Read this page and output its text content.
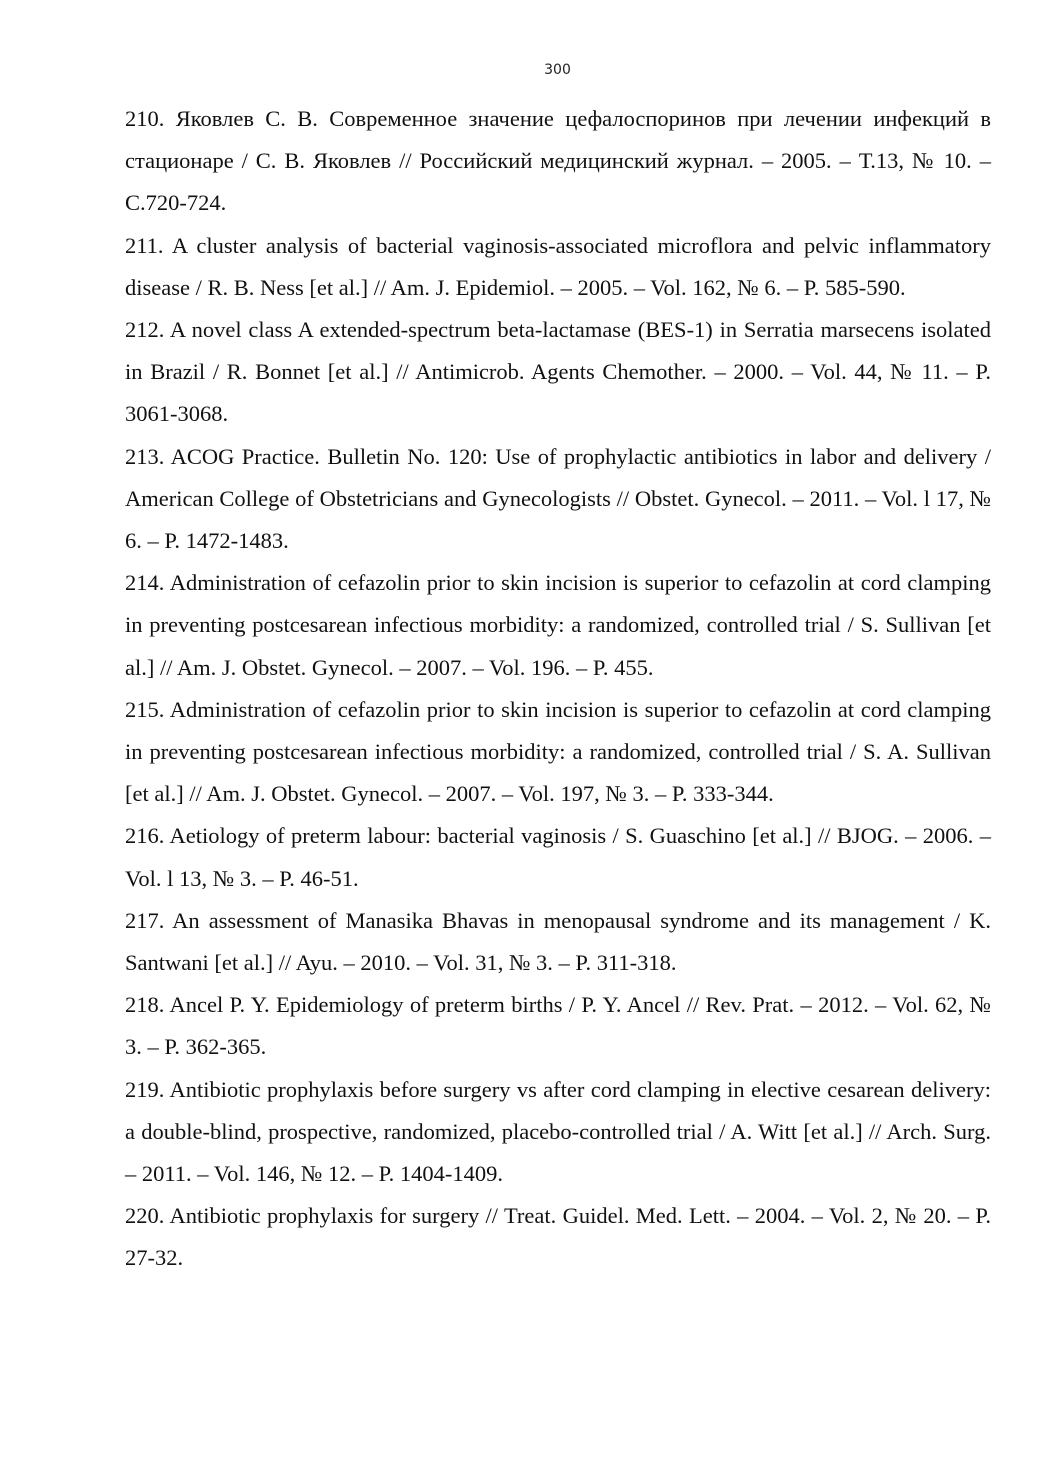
300

210. Яковлев С. В. Современное значение цефалоспоринов при лечении инфекций в стационаре / С. В. Яковлев // Российский медицинский журнал. – 2005. – Т.13, № 10. – С.720-724.

211. A cluster analysis of bacterial vaginosis-associated microflora and pelvic inflammatory disease / R. B. Ness [et al.] // Am. J. Epidemiol. – 2005. – Vol. 162, № 6. – P. 585-590.

212. A novel class A extended-spectrum beta-lactamase (BES-1) in Serratia marsecens isolated in Brazil / R. Bonnet [et al.] // Antimicrob. Agents Chemother. – 2000. – Vol. 44, № 11. – P. 3061-3068.

213. ACOG Practice. Bulletin No. 120: Use of prophylactic antibiotics in labor and delivery / American College of Obstetricians and Gynecologists // Obstet. Gynecol. – 2011. – Vol. l 17, № 6. – P. 1472-1483.

214. Administration of cefazolin prior to skin incision is superior to cefazolin at cord clamping in preventing postcesarean infectious morbidity: a randomized, controlled trial / S. Sullivan [et al.] // Am. J. Obstet. Gynecol. – 2007. – Vol. 196. – P. 455.

215. Administration of cefazolin prior to skin incision is superior to cefazolin at cord clamping in preventing postcesarean infectious morbidity: a randomized, controlled trial / S. A. Sullivan [et al.] // Am. J. Obstet. Gynecol. – 2007. – Vol. 197, № 3. – P. 333-344.

216. Aetiology of preterm labour: bacterial vaginosis / S. Guaschino [et al.] // BJOG. – 2006. – Vol. l 13, № 3. – P. 46-51.

217. An assessment of Manasika Bhavas in menopausal syndrome and its management / K. Santwani [et al.] // Ayu. – 2010. – Vol. 31, № 3. – P. 311-318.

218. Ancel P. Y. Epidemiology of preterm births / P. Y. Ancel // Rev. Prat. – 2012. – Vol. 62, № 3. – P. 362-365.

219. Antibiotic prophylaxis before surgery vs after cord clamping in elective cesarean delivery: a double-blind, prospective, randomized, placebo-controlled trial / A. Witt [et al.] // Arch. Surg. – 2011. – Vol. 146, № 12. – P. 1404-1409.

220. Antibiotic prophylaxis for surgery // Treat. Guidel. Med. Lett. – 2004. – Vol. 2, № 20. – P. 27-32.
